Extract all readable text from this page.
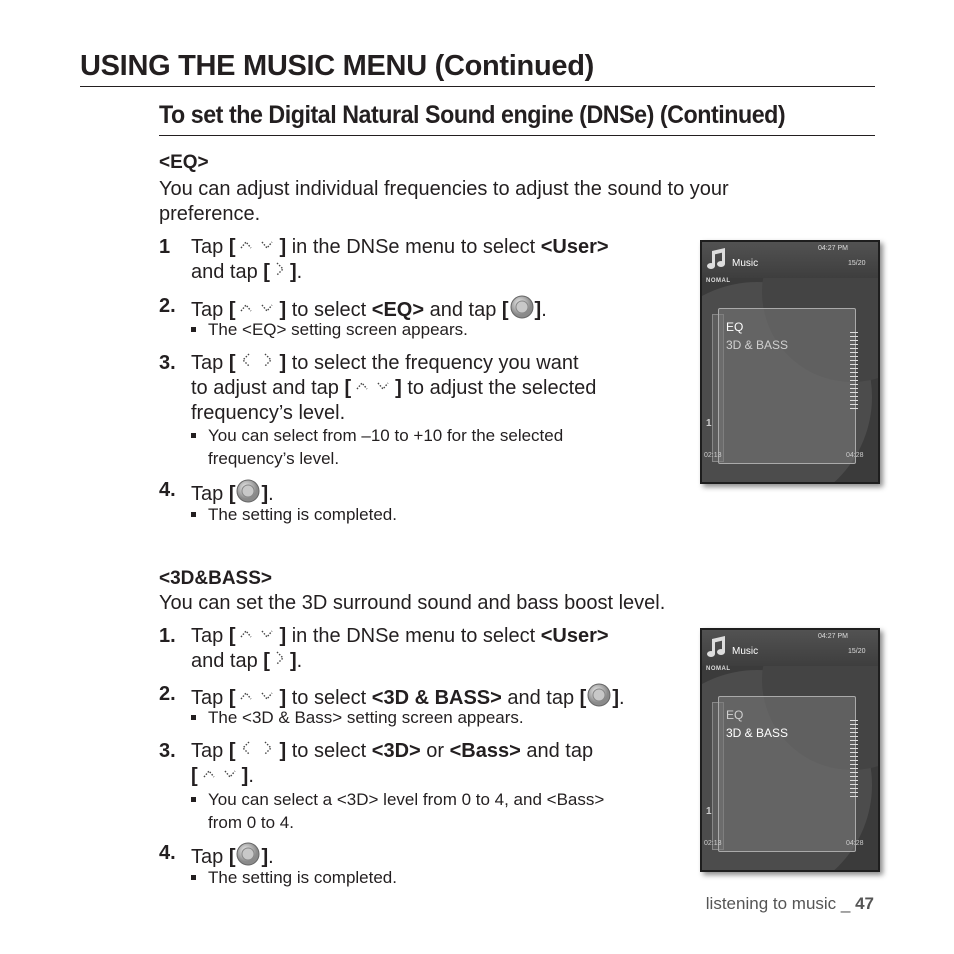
USING THE MUSIC MENU (Continued)
To set the Digital Natural Sound engine (DNSe) (Continued)
<EQ>
You can adjust individual frequencies to adjust the sound to your preference.
1 Tap [ ] in the DNSe menu to select <User>
and tap [ ].
2. Tap [ ] to select <EQ> and tap [ ].
The <EQ> setting screen appears.
3. Tap [ ] to select the frequency you want
to adjust and tap [ ] to adjust the selected
frequency’s level.
You can select from –10 to +10 for the selected
frequency’s level.
4. Tap [ ].
The setting is completed.
<3D&BASS>
You can set the 3D surround sound and bass boost level.
1. Tap [ ] in the DNSe menu to select <User>
and tap [ ].
2. Tap [ ] to select <3D & BASS> and tap [ ].
The <3D & Bass> setting screen appears.
3. Tap [ ] to select <3D> or <Bass> and tap
[ ].
You can select a <3D> level from 0 to 4, and <Bass>
from 0 to 4.
4. Tap [ ].
The setting is completed.
04:27 PM
Music	15/20
NOMAL
1
EQ
3D & BASS
02:13	04:28
04:27 PM
Music	15/20
NOMAL
1
EQ
3D & BASS
02:13	04:28
listening to music _ 47
